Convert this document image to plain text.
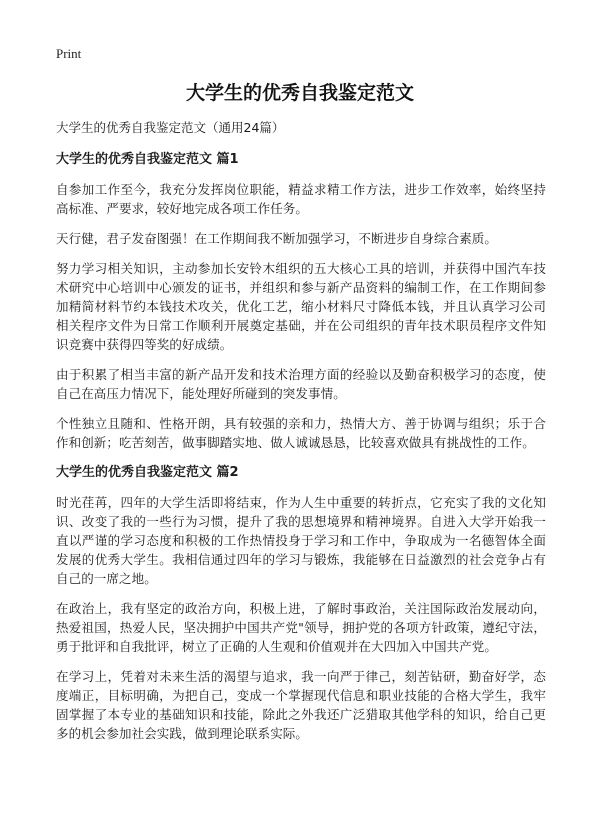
Print
大学生的优秀自我鉴定范文

大学生的优秀自我鉴定范文（通用24篇）

大学生的优秀自我鉴定范文 篇1

自参加工作至今，我充分发挥岗位职能，精益求精工作方法，进步工作效率，始终坚持高标准、严要求，较好地完成各项工作任务。

天行健，君子发奋图强！在工作期间我不断加强学习，不断进步自身综合素质。

努力学习相关知识，主动参加长安铃木组织的五大核心工具的培训，并获得中国汽车技术研究中心培训中心颁发的证书，并组织和参与新产品资料的编制工作，在工作期间参加精简材料节约本钱技术攻关，优化工艺，缩小材料尺寸降低本钱，并且认真学习公司相关程序文件为日常工作顺利开展奠定基础，并在公司组织的青年技术职员程序文件知识竞赛中获得四等奖的好成绩。

由于积累了相当丰富的新产品开发和技术治理方面的经验以及勤奋积极学习的态度，使自己在高压力情况下，能处理好所碰到的突发事情。

个性独立且随和、性格开朗，具有较强的亲和力，热情大方、善于协调与组织；乐于合作和创新；吃苦刻苦，做事脚踏实地、做人诚诚恳恳，比较喜欢做具有挑战性的工作。

大学生的优秀自我鉴定范文 篇2

时光荏苒，四年的大学生活即将结束，作为人生中重要的转折点，它充实了我的文化知识、改变了我的一些行为习惯，提升了我的思想境界和精神境界。自进入大学开始我一直以严谨的学习态度和积极的工作热情投身于学习和工作中，争取成为一名德智体全面发展的优秀大学生。我相信通过四年的学习与锻炼，我能够在日益激烈的社会竞争占有自己的一席之地。

在政治上，我有坚定的政治方向，积极上进，了解时事政治，关注国际政治发展动向，热爱祖国，热爱人民，坚决拥护中国共产党"领导，拥护党的各项方针政策，遵纪守法，勇于批评和自我批评，树立了正确的人生观和价值观并在大四加入中国共产党。

在学习上，凭着对未来生活的渴望与追求，我一向严于律己，刻苦钻研，勤奋好学，态度端正，目标明确，为把自己，变成一个掌握现代信息和职业技能的合格大学生，我牢固掌握了本专业的基础知识和技能，除此之外我还广泛猎取其他学科的知识，给自己更多的机会参加社会实践，做到理论联系实际。
